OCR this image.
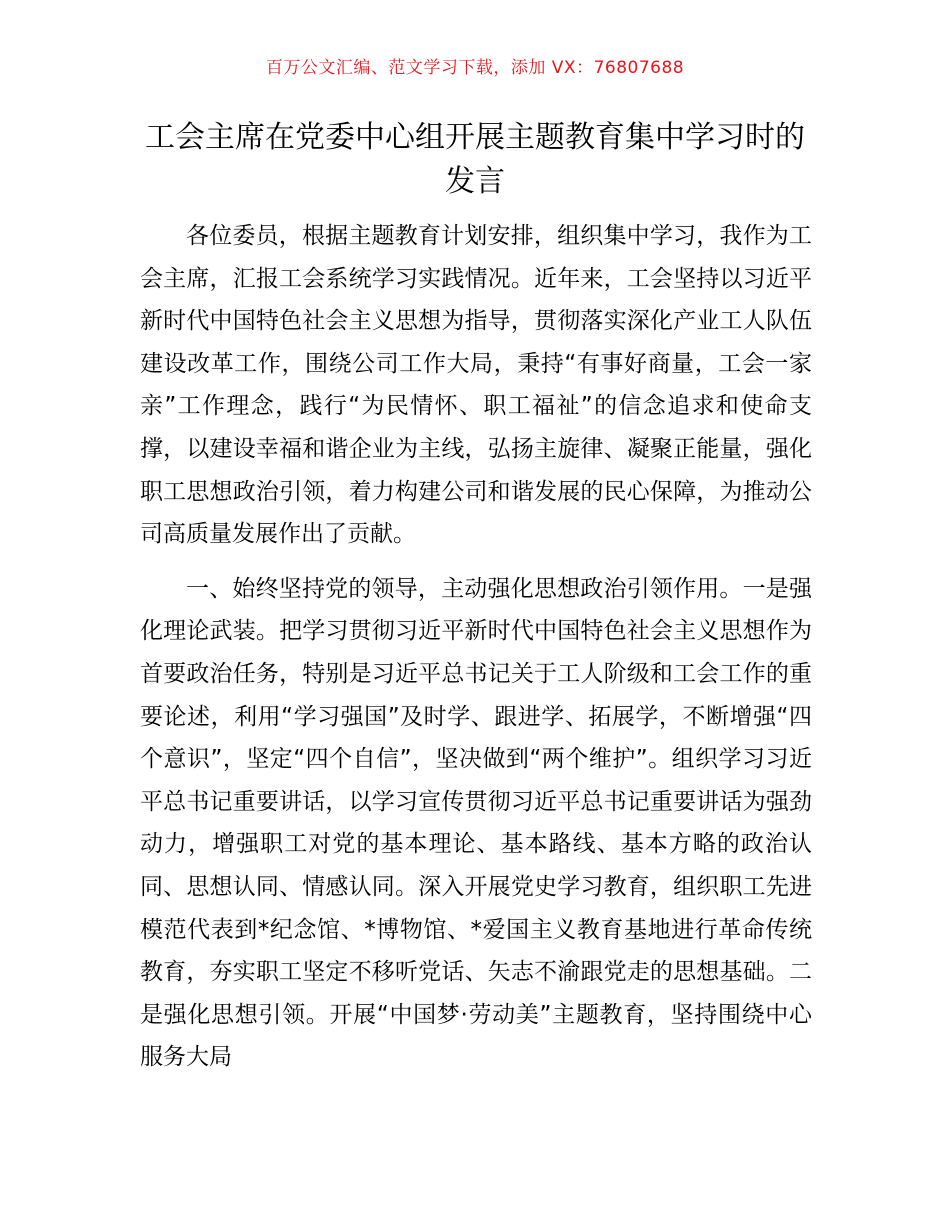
百万公文汇编、范文学习下载，添加 VX：76807688
工会主席在党委中心组开展主题教育集中学习时的发言

各位委员，根据主题教育计划安排，组织集中学习，我作为工会主席，汇报工会系统学习实践情况。近年来，工会坚持以习近平新时代中国特色社会主义思想为指导，贯彻落实深化产业工人队伍建设改革工作，围绕公司工作大局，秉持“有事好商量，工会一家亲”工作理念，践行“为民情怀、职工福祉”的信念追求和使命支撑，以建设幸福和谐企业为主线，弘扬主旋律、凝聚正能量，强化职工思想政治引领，着力构建公司和谐发展的民心保障，为推动公司高质量发展作出了贡献。

一、始终坚持党的领导，主动强化思想政治引领作用。一是强化理论武装。把学习贯彻习近平新时代中国特色社会主义思想作为首要政治任务，特别是习近平总书记关于工人阶级和工会工作的重要论述，利用“学习强国”及时学、跟进学、拓展学，不断增强“四个意识”，坚定“四个自信”，坚决做到“两个维护”。组织学习习近平总书记重要讲话，以学习宣传贯彻习近平总书记重要讲话为强劲动力，增强职工对党的基本理论、基本路线、基本方略的政治认同、思想认同、情感认同。深入开展党史学习教育，组织职工先进模范代表到*纪念馆、*博物馆、*爱国主义教育基地进行革命传统教育，夯实职工坚定不移听党话、矢志不渝跟党走的思想基础。二是强化思想引领。开展“中国梦·劳动美”主题教育，坚持围绕中心服务大局
